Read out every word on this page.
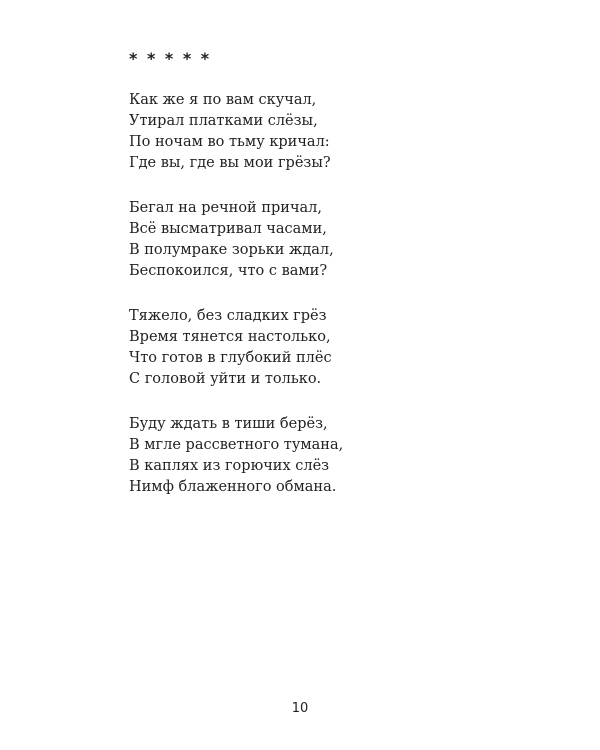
* * * * *

Как же я по вам скучал,
Утирал платками слёзы,
По ночам во тьму кричал:
Где вы, где вы мои грёзы?
Бегал на речной причал,
Всё высматривал часами,
В полумраке зорьки ждал,
Беспокоился, что с вами?
Тяжело, без сладких грёз
Время тянется настолько,
Что готов в глубокий плёс
С головой уйти и только.
Буду ждать в тиши берёз,
В мгле рассветного тумана,
В каплях из горючих слёз
Нимф блаженного обмана.
10
